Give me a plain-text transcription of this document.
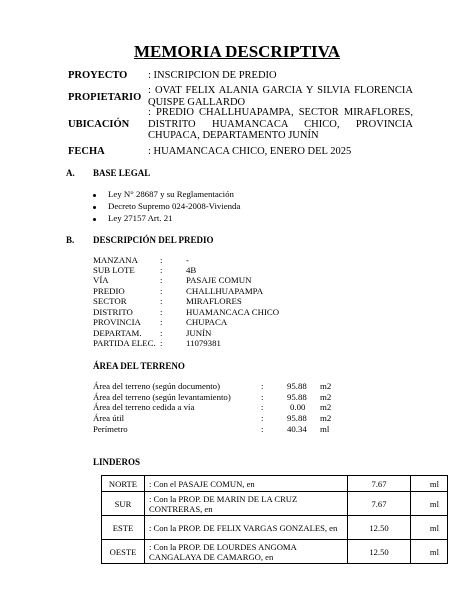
MEMORIA DESCRIPTIVA
PROYECTO : INSCRIPCION DE PREDIO
PROPIETARIO
: OVAT FELIX ALANIA GARCIA Y SILVIA FLORENCIA QUISPE GALLARDO
UBICACIÓN
: PREDIO CHALLHUAPAMPA, SECTOR MIRAFLORES, DISTRITO HUAMANCACA CHICO, PROVINCIA CHUPACA, DEPARTAMENTO JUNÍN
FECHA	: HUAMANCACA CHICO, ENERO DEL 2025
A. BASE LEGAL
Ley N° 28687 y su Reglamentación
Decreto Supremo 024-2008-Vivienda
Ley 27157 Art. 21
B. DESCRIPCIÓN DEL PREDIO
MANZANA	:	-
SUB LOTE	:	4B
VÍA	:	PASAJE COMUN
PREDIO	:	CHALLHUAPAMPA
SECTOR	:	MIRAFLORES
DISTRITO	:	HUAMANCACA CHICO
PROVINCIA :	CHUPACA
DEPARTAM. :	JUNÍN
PARTIDA ELEC. :	11079381
ÁREA DEL TERRENO
Área del terreno (según documento)	:	95.88 m2
Área del terreno (según levantamiento)	:	95.88 m2
Área del terreno cedida a vía	:	0.00 m2
Área útil	:	95.88 m2
Perímetro	:	40.34 ml
LINDEROS
NORTE	: Con el PASAJE COMUN, en	7.67	ml
SUR	: Con la PROP. DE MARIN DE LA CRUZ CONTRERAS, en	7.67	ml
ESTE	: Con la PROP. DE FELIX VARGAS GONZALES, en	12.50	ml
OESTE	: Con la PROP. DE LOURDES ANGOMA CANGALAYA DE CAMARGO, en	12.50	ml
